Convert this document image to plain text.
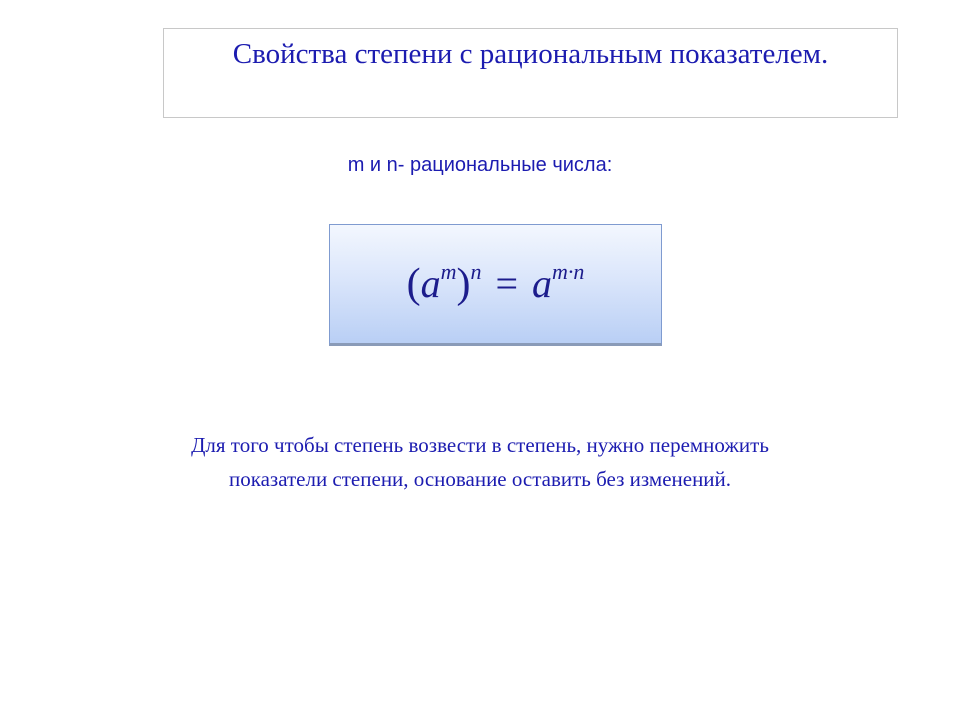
Свойства степени с рациональным показателем.
m и n- рациональные числа:
$(a^m)^n = a^{m\cdot n}$
Для того чтобы степень возвести в степень, нужно перемножить
показатели степени, основание оставить без изменений.
